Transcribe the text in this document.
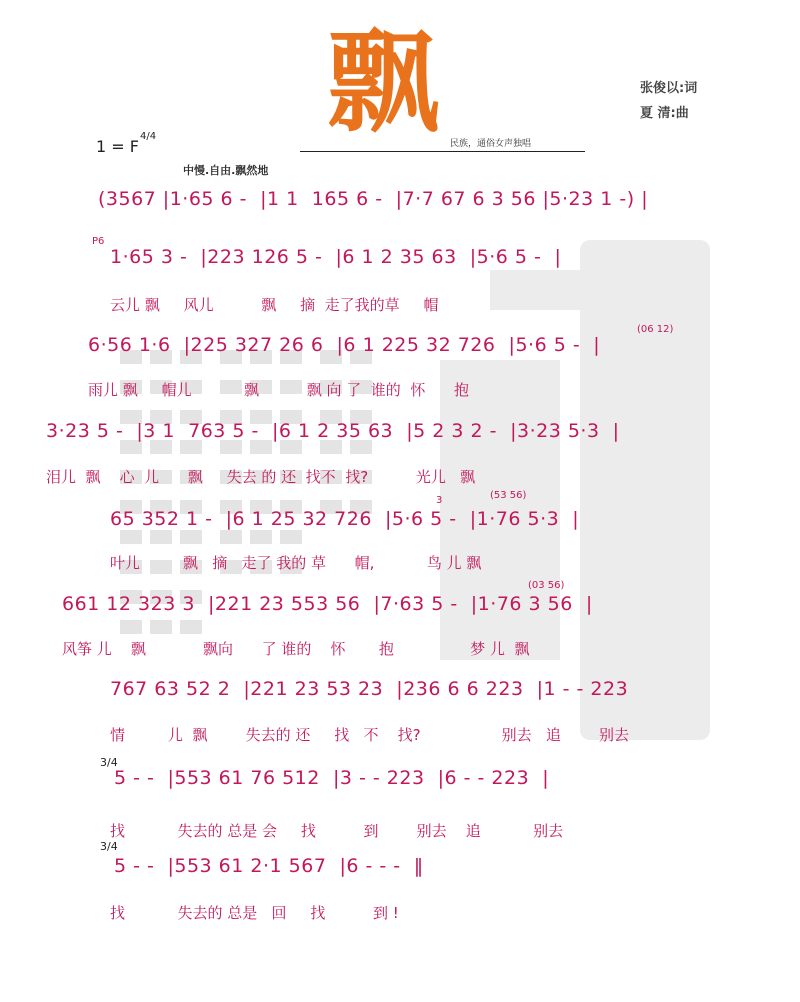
飘	民族，通俗女声独唱
张俊以:词
夏 清:曲
1 = F
4/4
中慢.自由.飘然地
(3567 |1·65 6 -  |1 1  165 6 -  |7·7 67 6 3 56 |5·23 1 -) |
P6
1·65 3 -  |223 126 5 -  |6 1 2 35 63  |5·6 5 -  |
云儿 飘     风儿          飘     摘  走了我的草     帽
(06 12)
6·56 1·6  |225 327 26 6  |6 1 225 32 726  |5·6 5 -  |
雨儿 飘     帽儿           飘          飘 向 了  谁的  怀      抱
3·23 5 -  |3 1  763 5 -  |6 1 2 35 63  |5 2 3 2 -  |3·23 5·3  |
泪儿  飘    心  儿      飘     失去 的 还  找不  找?          光儿   飘
3	(53 56)
65 352 1 -  |6 1 25 32 726  |5·6 5 -  |1·76 5·3  |
叶儿         飘   摘   走了 我的 草      帽,           鸟 儿 飘
(03 56)
661 12 323 3  |221 23 553 56  |7·63 5 -  |1·76 3 56  |
风筝 儿    飘            飘向      了 谁的    怀       抱                梦 儿  飘
767 63 52 2  |221 23 53 23  |236 6 6 223  |1 - - 223
情         儿  飘        失去的 还     找   不    找?                 别去   追        别去
3/4
5 - -  |553 61 76 512  |3 - - 223  |6 - - 223  |
找           失去的 总是 会     找          到        别去    追           别去
3/4
5 - -  |553 61 2·1 567  |6 - - -  ‖
找           失去的 总是   回     找          到 !
